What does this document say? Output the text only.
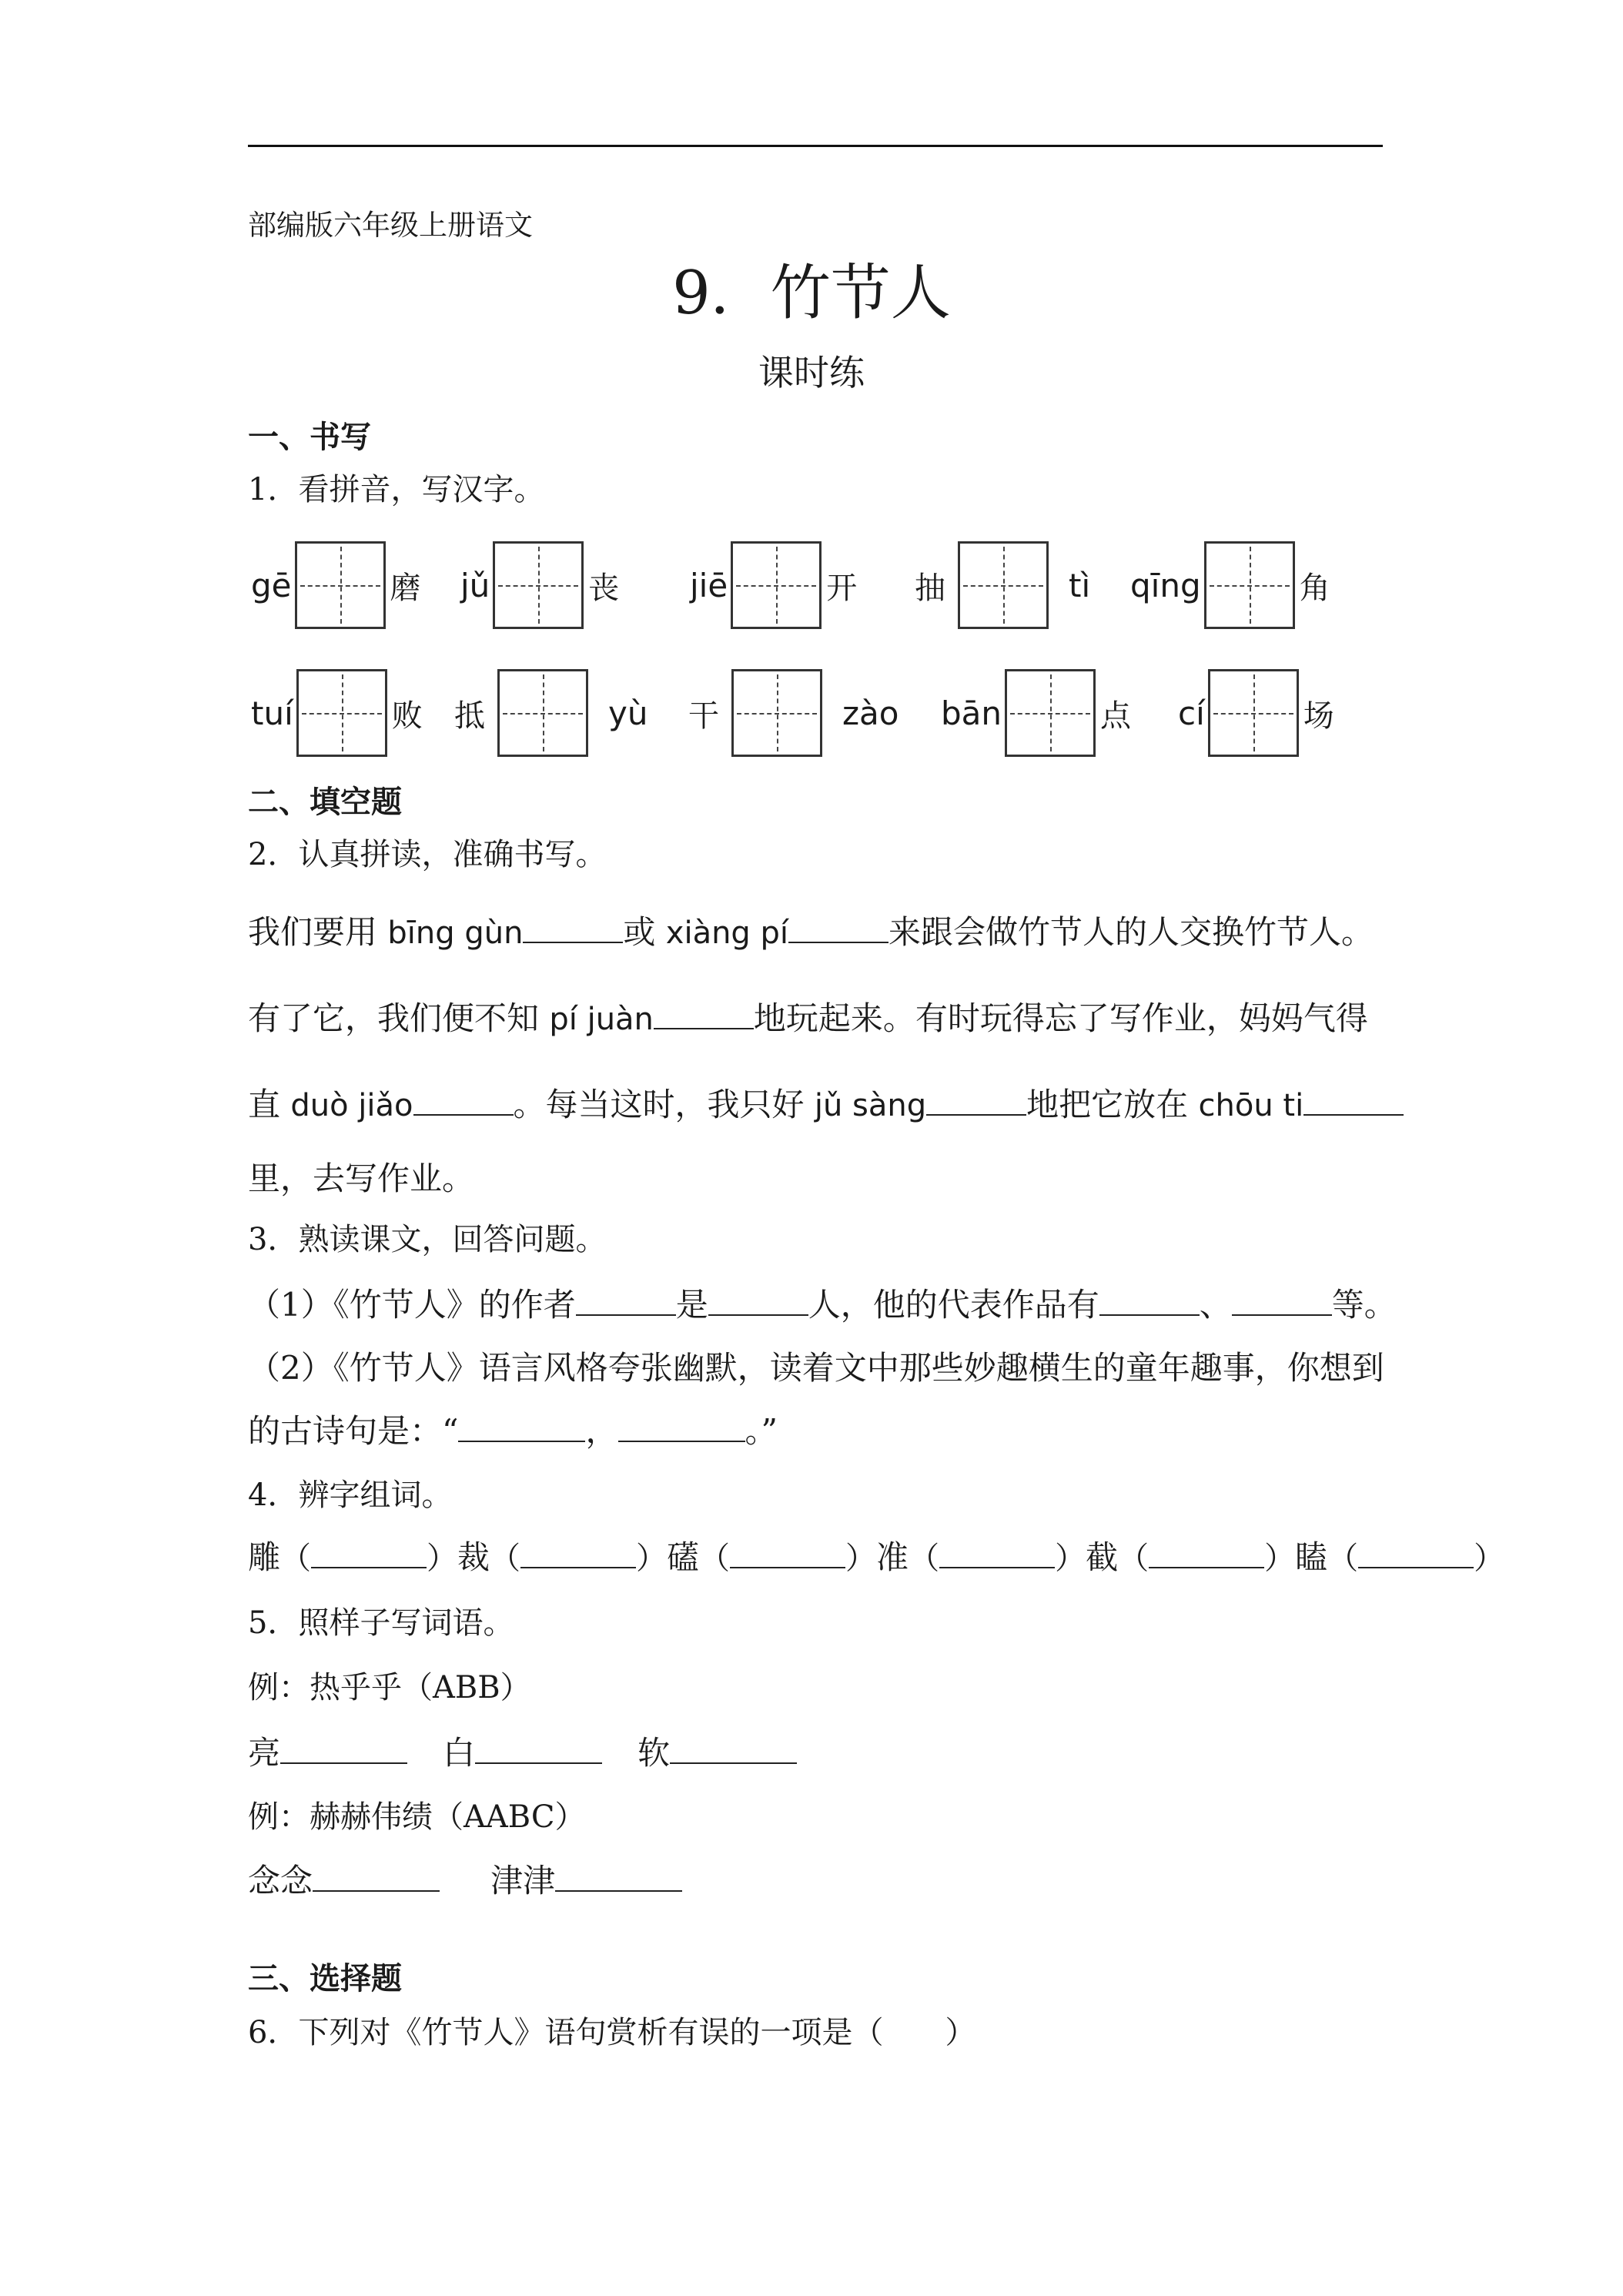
部编版六年级上册语文
9．竹节人
课时练
一、书写
1．看拼音，写汉字。
gē	磨 jǔ	丧 jiē	开 抽	tì qīng	角
tuí	败 抵	yù 干	zào bān	点 cí	场
二、填空题
2．认真拼读，准确书写。
我们要用 bīng gùn	或 xiàng pí	来跟会做竹节人的人交换竹节人。
有了它，我们便不知 pí juàn	地玩起来。有时玩得忘了写作业，妈妈气得
直 duò jiǎo	。每当这时，我只好 jǔ sàng	地把它放在 chōu ti
里，去写作业。
3．熟读课文，回答问题。
（1）《竹节人》的作者	是	人，他的代表作品有	、	等。
（2）《竹节人》语言风格夸张幽默，读着文中那些妙趣横生的童年趣事，你想到
的古诗句是：“	，	。”
4．辨字组词。
雕（	）裁（	）礚（	）准（	）截（	）瞌（	）
5．照样子写词语。
例：热乎乎（ABB）
亮	白	软
例：赫赫伟绩（AABC）
念念	津津
三、选择题
6．下列对《竹节人》语句赏析有误的一项是（　　）
